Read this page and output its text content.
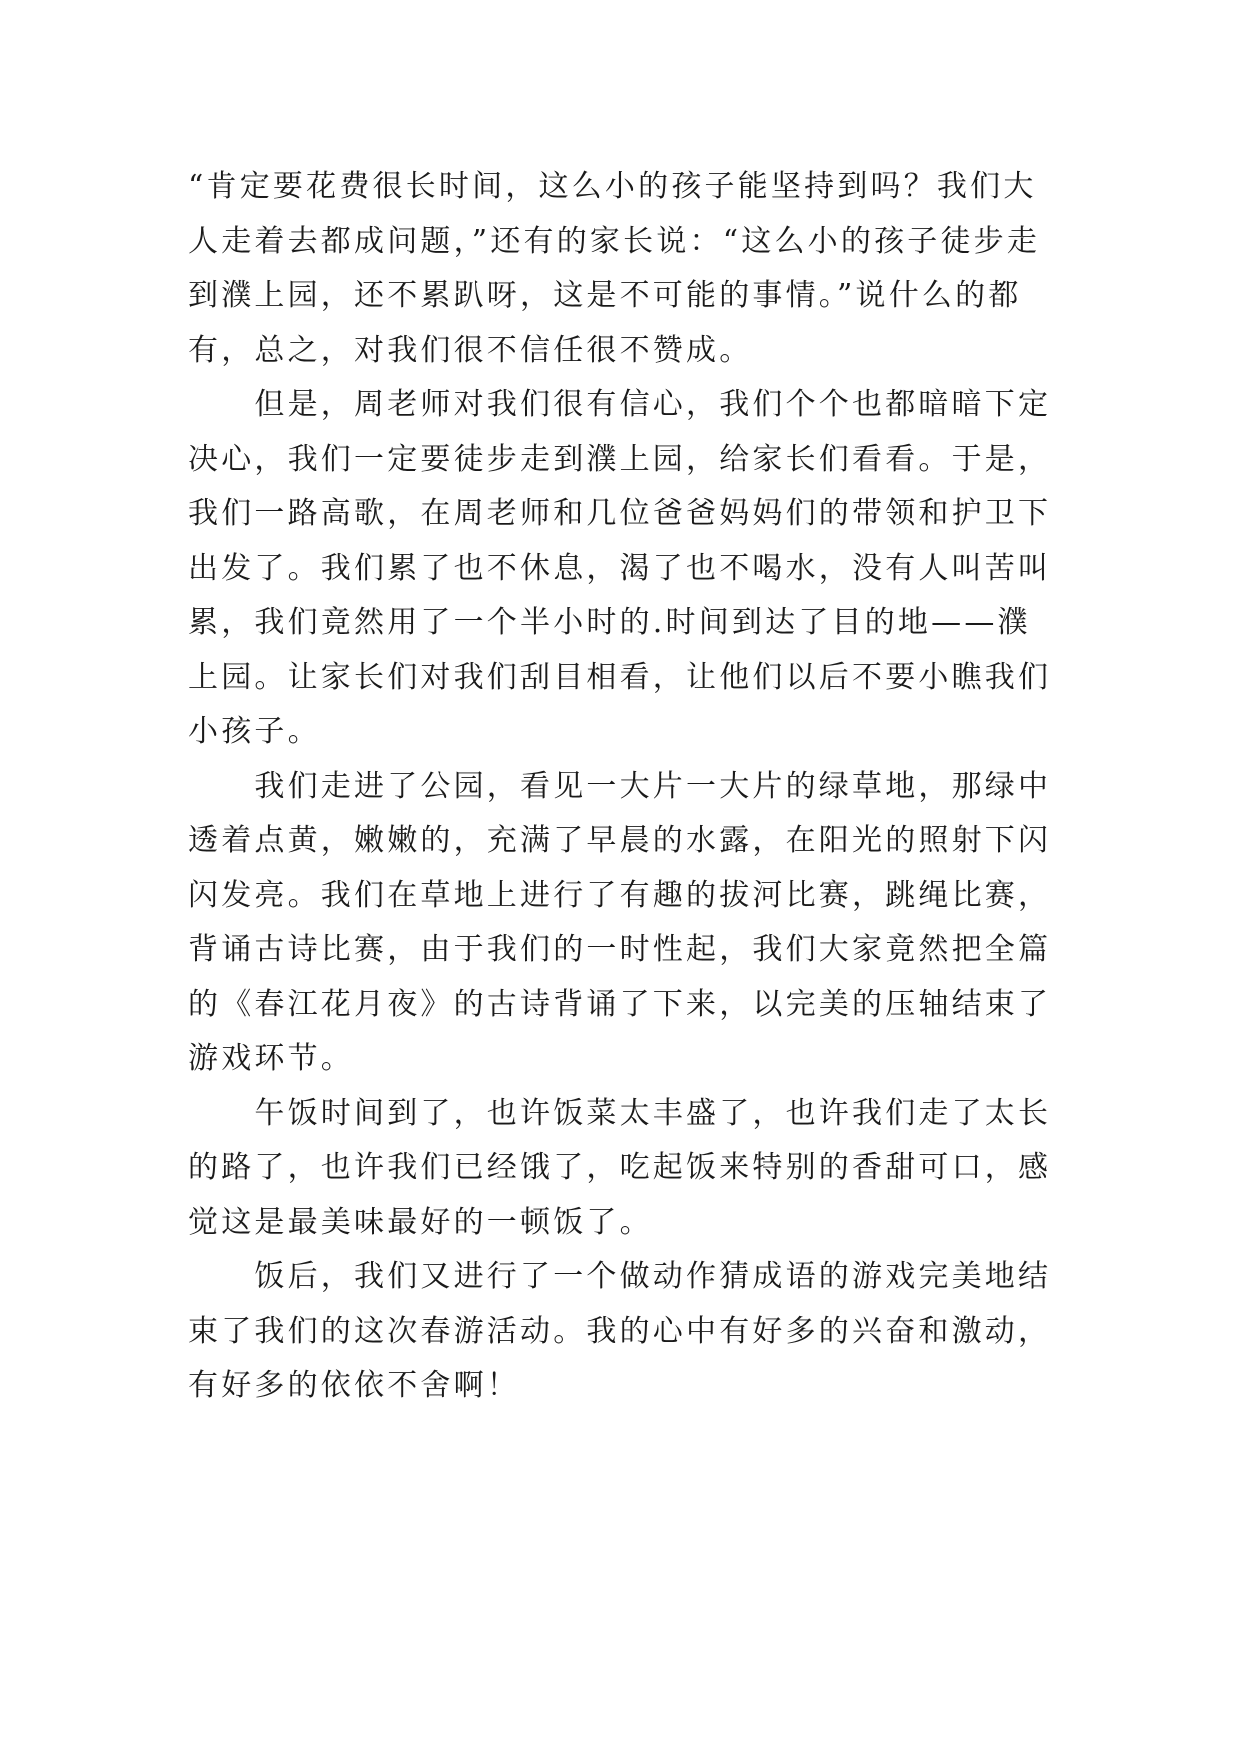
“肯定要花费很长时间，这么小的孩子能坚持到吗？我们大
人走着去都成问题，”还有的家长说：“这么小的孩子徒步走
到濮上园，还不累趴呀，这是不可能的事情。”说什么的都
有，总之，对我们很不信任很不赞成。
　　但是，周老师对我们很有信心，我们个个也都暗暗下定
决心，我们一定要徒步走到濮上园，给家长们看看。于是，
我们一路高歌，在周老师和几位爸爸妈妈们的带领和护卫下
出发了。我们累了也不休息，渴了也不喝水，没有人叫苦叫
累，我们竟然用了一个半小时的.时间到达了目的地——濮
上园。让家长们对我们刮目相看，让他们以后不要小瞧我们
小孩子。
　　我们走进了公园，看见一大片一大片的绿草地，那绿中
透着点黄，嫩嫩的，充满了早晨的水露，在阳光的照射下闪
闪发亮。我们在草地上进行了有趣的拔河比赛，跳绳比赛，
背诵古诗比赛，由于我们的一时性起，我们大家竟然把全篇
的《春江花月夜》的古诗背诵了下来，以完美的压轴结束了
游戏环节。
　　午饭时间到了，也许饭菜太丰盛了，也许我们走了太长
的路了，也许我们已经饿了，吃起饭来特别的香甜可口，感
觉这是最美味最好的一顿饭了。
　　饭后，我们又进行了一个做动作猜成语的游戏完美地结
束了我们的这次春游活动。我的心中有好多的兴奋和激动，
有好多的依依不舍啊！
